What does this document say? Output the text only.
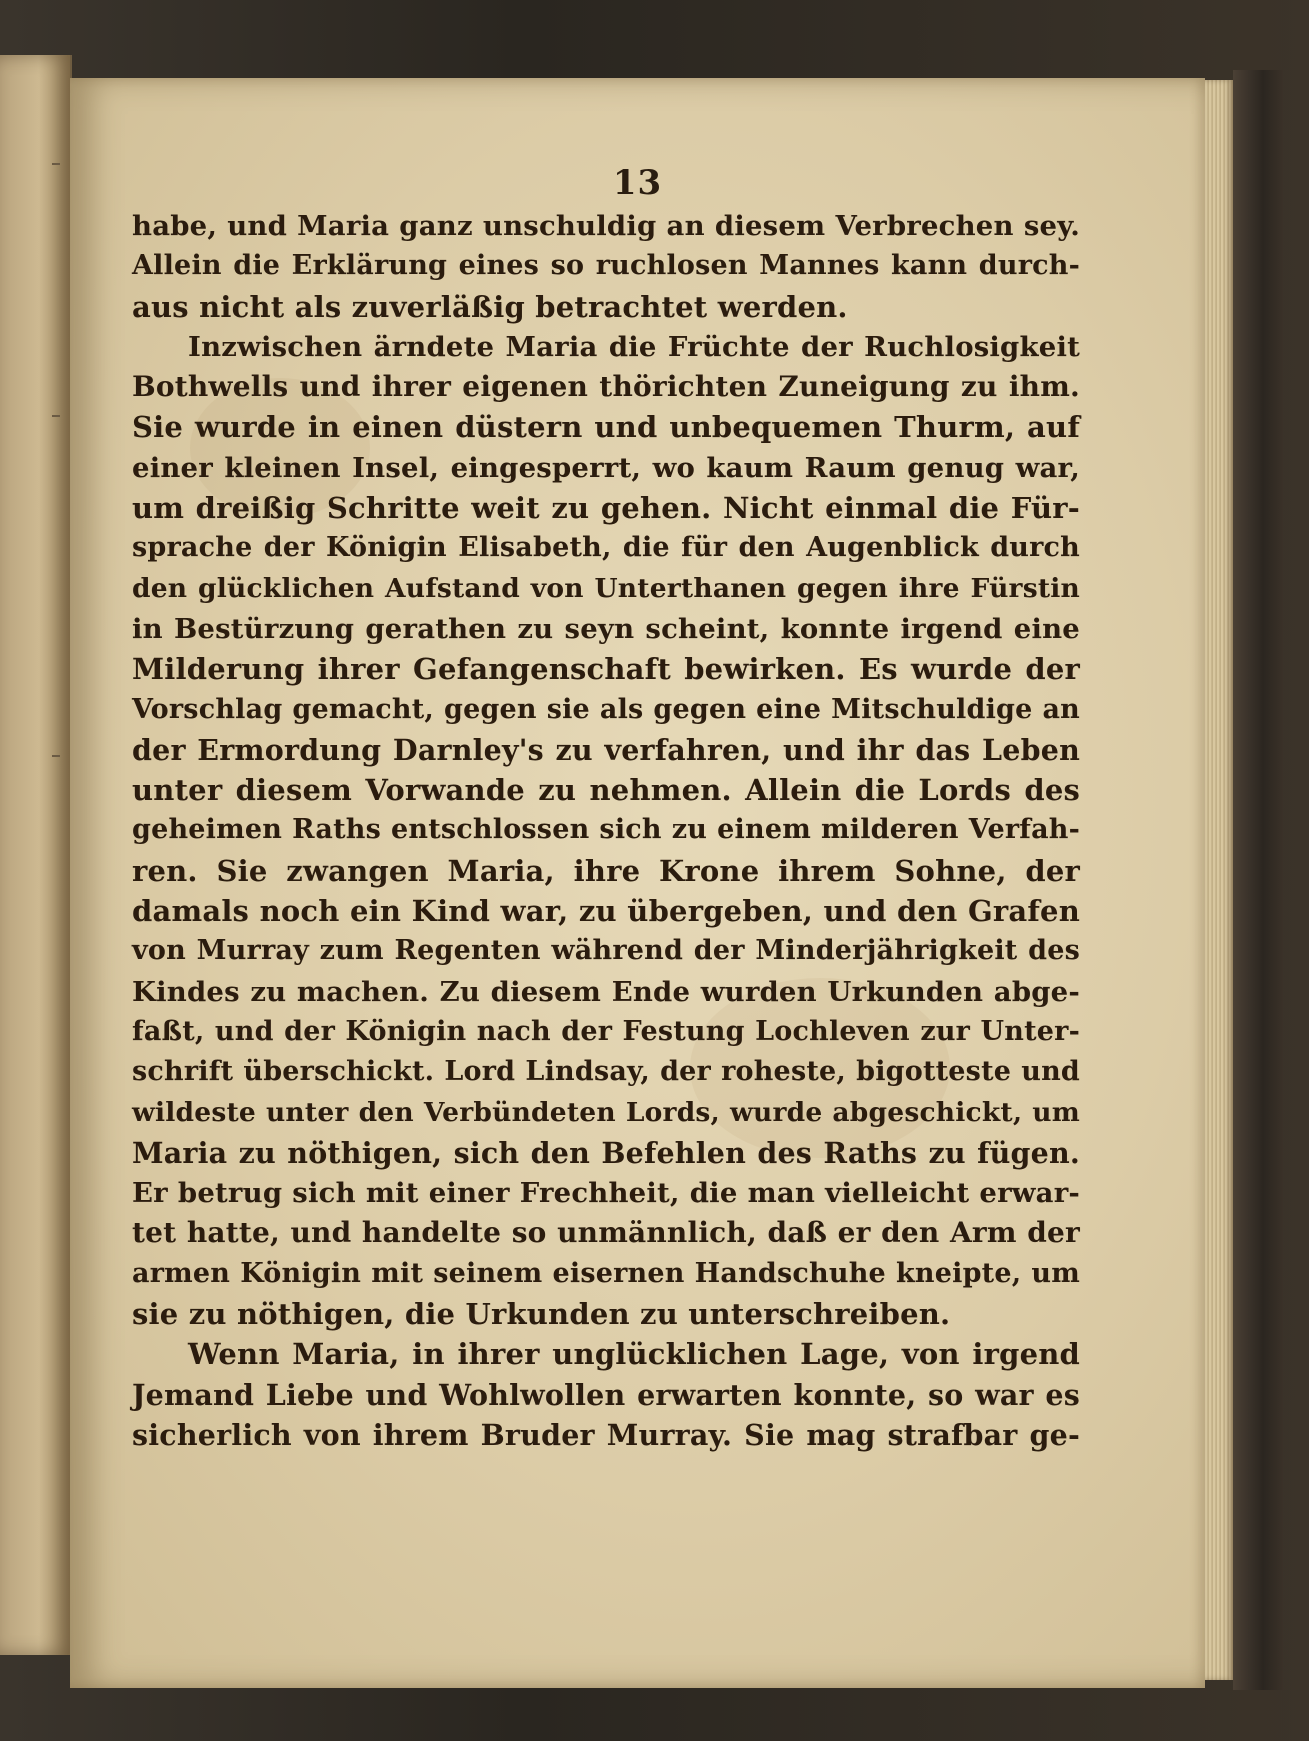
13
habe, und Maria ganz unschuldig an diesem Verbrechen sey.
Allein die Erklärung eines so ruchlosen Mannes kann durch-
aus nicht als zuverläßig betrachtet werden.
Inzwischen ärndete Maria die Früchte der Ruchlosigkeit
Bothwells und ihrer eigenen thörichten Zuneigung zu ihm.
Sie wurde in einen düstern und unbequemen Thurm, auf
einer kleinen Insel, eingesperrt, wo kaum Raum genug war,
um dreißig Schritte weit zu gehen. Nicht einmal die Für-
sprache der Königin Elisabeth, die für den Augenblick durch
den glücklichen Aufstand von Unterthanen gegen ihre Fürstin
in Bestürzung gerathen zu seyn scheint, konnte irgend eine
Milderung ihrer Gefangenschaft bewirken. Es wurde der
Vorschlag gemacht, gegen sie als gegen eine Mitschuldige an
der Ermordung Darnley's zu verfahren, und ihr das Leben
unter diesem Vorwande zu nehmen. Allein die Lords des
geheimen Raths entschlossen sich zu einem milderen Verfah-
ren. Sie zwangen Maria, ihre Krone ihrem Sohne, der
damals noch ein Kind war, zu übergeben, und den Grafen
von Murray zum Regenten während der Minderjährigkeit des
Kindes zu machen. Zu diesem Ende wurden Urkunden abge-
faßt, und der Königin nach der Festung Lochleven zur Unter-
schrift überschickt. Lord Lindsay, der roheste, bigotteste und
wildeste unter den Verbündeten Lords, wurde abgeschickt, um
Maria zu nöthigen, sich den Befehlen des Raths zu fügen.
Er betrug sich mit einer Frechheit, die man vielleicht erwar-
tet hatte, und handelte so unmännlich, daß er den Arm der
armen Königin mit seinem eisernen Handschuhe kneipte, um
sie zu nöthigen, die Urkunden zu unterschreiben.
Wenn Maria, in ihrer unglücklichen Lage, von irgend
Jemand Liebe und Wohlwollen erwarten konnte, so war es
sicherlich von ihrem Bruder Murray. Sie mag strafbar ge-
